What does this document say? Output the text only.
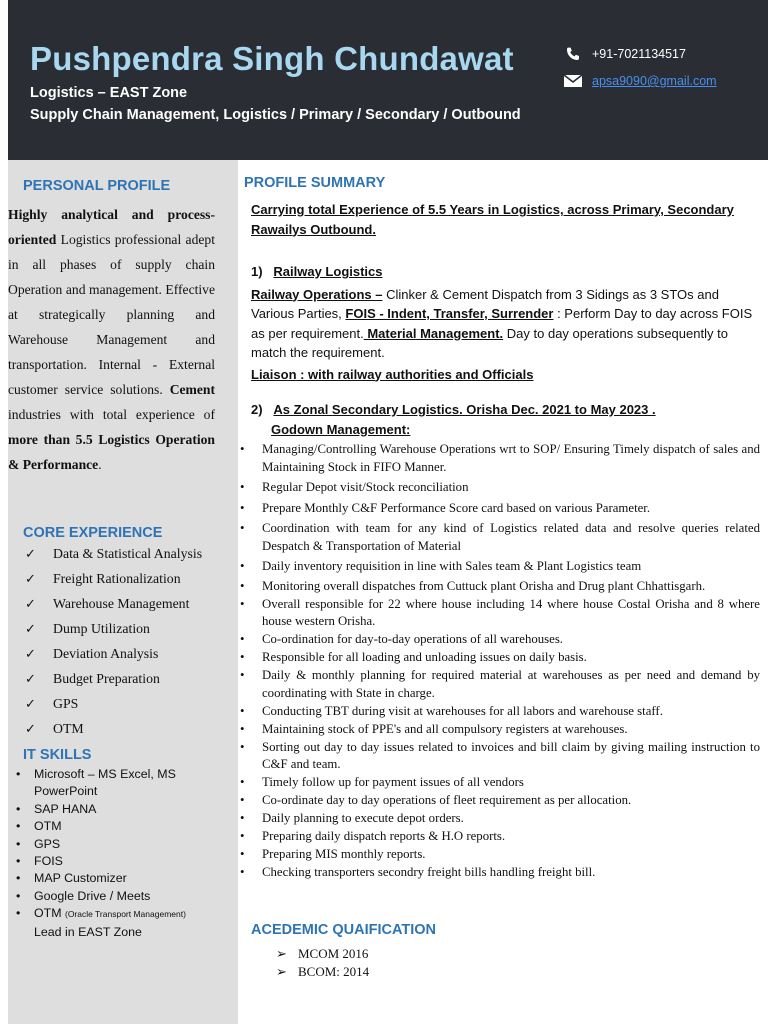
Pushpendra Singh Chundawat
Logistics – EAST Zone
Supply Chain Management, Logistics / Primary / Secondary / Outbound
+91-7021134517
apsa9090@gmail.com
PERSONAL PROFILE
Highly analytical and process-oriented Logistics professional adept in all phases of supply chain Operation and management. Effective at strategically planning and Warehouse Management and transportation. Internal - External customer service solutions. Cement industries with total experience of more than 5.5 Logistics Operation & Performance.
CORE EXPERIENCE
✓	Data & Statistical Analysis
✓	Freight Rationalization
✓	Warehouse Management
✓	Dump Utilization
✓	Deviation Analysis
✓	Budget Preparation
✓	GPS
✓	OTM
IT SKILLS
•	Microsoft – MS Excel, MS PowerPoint
•	SAP HANA
•	OTM
•	GPS
•	FOIS
•	MAP Customizer
•	Google Drive / Meets
•	OTM (Oracle Transport Management)
Lead in EAST Zone
PROFILE SUMMARY
Carrying total Experience of 5.5 Years in Logistics, across Primary, Secondary Rawailys Outbound.
1) Railway Logistics
Railway Operations – Clinker & Cement Dispatch from 3 Sidings as 3 STOs and Various Parties, FOIS - Indent, Transfer, Surrender : Perform Day to day across FOIS as per requirement. Material Management. Day to day operations subsequently to match the requirement.
Liaison : with railway authorities and Officials
2) As Zonal Secondary Logistics. Orisha Dec. 2021 to May 2023 .
Godown Management:
•	Managing/Controlling Warehouse Operations wrt to SOP/ Ensuring Timely dispatch of sales and Maintaining Stock in FIFO Manner.
•	Regular Depot visit/Stock reconciliation
•	Prepare Monthly C&F Performance Score card based on various Parameter.
•	Coordination with team for any kind of Logistics related data and resolve queries related Despatch & Transportation of Material
•	Daily inventory requisition in line with Sales team & Plant Logistics team
•	Monitoring overall dispatches from Cuttuck plant Orisha and Drug plant Chhattisgarh.
•	Overall responsible for 22 where house including 14 where house Costal Orisha and 8 where house western Orisha.
•	Co-ordination for day-to-day operations of all warehouses.
•	Responsible for all loading and unloading issues on daily basis.
•	Daily & monthly planning for required material at warehouses as per need and demand by coordinating with State in charge.
•	Conducting TBT during visit at warehouses for all labors and warehouse staff.
•	Maintaining stock of PPE's and all compulsory registers at warehouses.
•	Sorting out day to day issues related to invoices and bill claim by giving mailing instruction to C&F and team.
•	Timely follow up for payment issues of all vendors
•	Co-ordinate day to day operations of fleet requirement as per allocation.
•	Daily planning to execute depot orders.
•	Preparing daily dispatch reports & H.O reports.
•	Preparing MIS monthly reports.
•	Checking transporters secondry freight bills handling freight bill.
ACEDEMIC QUAIFICATION
➢ MCOM 2016
➢ BCOM: 2014
